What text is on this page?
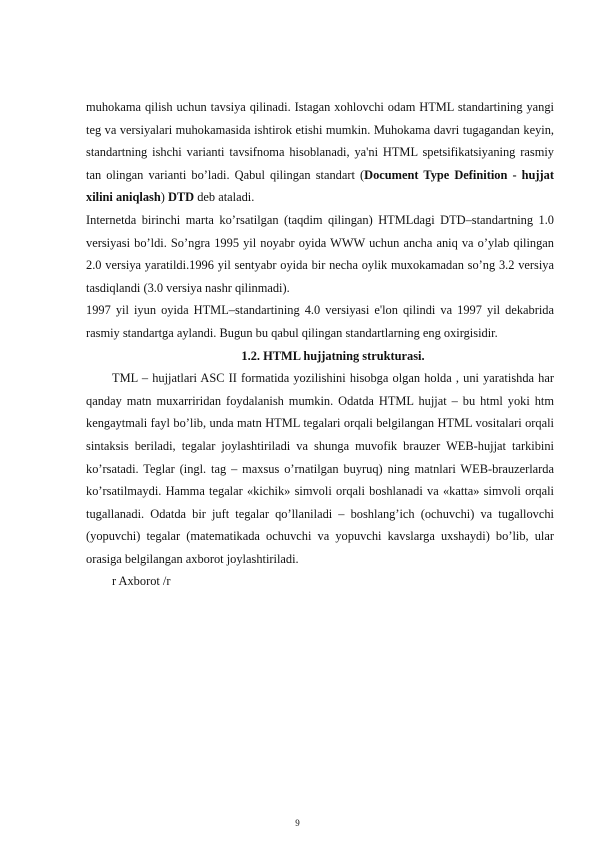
muhokama qilish uchun tavsiya qilinadi. Istagan xohlovchi odam HTML standartining yangi teg va versiyalari muhokamasida ishtirok etishi mumkin. Muhokama davri tugagandan keyin, standartning ishchi varianti tavsifnoma hisoblanadi, ya'ni HTML spetsifikatsiyaning rasmiy tan olingan varianti bo’ladi. Qabul qilingan standart (Document Type Definition - hujjat xilini aniqlash) DTD deb ataladi.

Internetda birinchi marta ko’rsatilgan (taqdim qilingan) HTMLdagi DTD–standartning 1.0 versiyasi bo’ldi. So’ngra 1995 yil noyabr oyida WWW uchun ancha aniq va o’ylab qilingan 2.0 versiya yaratildi.1996 yil sentyabr oyida bir necha oylik muxokamadan so’ng 3.2 versiya tasdiqlandi (3.0 versiya nashr qilinmadi).

1997 yil iyun oyida HTML–standartining 4.0 versiyasi e'lon qilindi va 1997 yil dekabrida rasmiy standartga aylandi. Bugun bu qabul qilingan standartlarning eng oxirgisidir.

1.2. HTML hujjatning strukturasi.

TML – hujjatlari ASC II formatida yozilishini hisobga olgan holda , uni yaratishda har qanday matn muxarriridan foydalanish mumkin. Odatda HTML hujjat – bu html yoki htm kengaytmali fayl bo’lib, unda matn HTML tegalari orqali belgilangan HTML vositalari orqali sintaksis beriladi, tegalar joylashtiriladi va shunga muvofik brauzer WEB-hujjat tarkibini ko’rsatadi. Teglar (ingl. tag – maxsus o’rnatilgan buyruq) ning matnlari WEB-brauzerlarda ko’rsatilmaydi. Hamma tegalar «kichik» simvoli orqali boshlanadi va «katta» simvoli orqali tugallanadi. Odatda bir juft tegalar qo’llaniladi – boshlang’ich (ochuvchi) va tugallovchi (yopuvchi) tegalar (matematikada ochuvchi va yopuvchi kavslarga uxshaydi) bo’lib, ular orasiga belgilangan axborot joylashtiriladi.

r Axborot /r

9
